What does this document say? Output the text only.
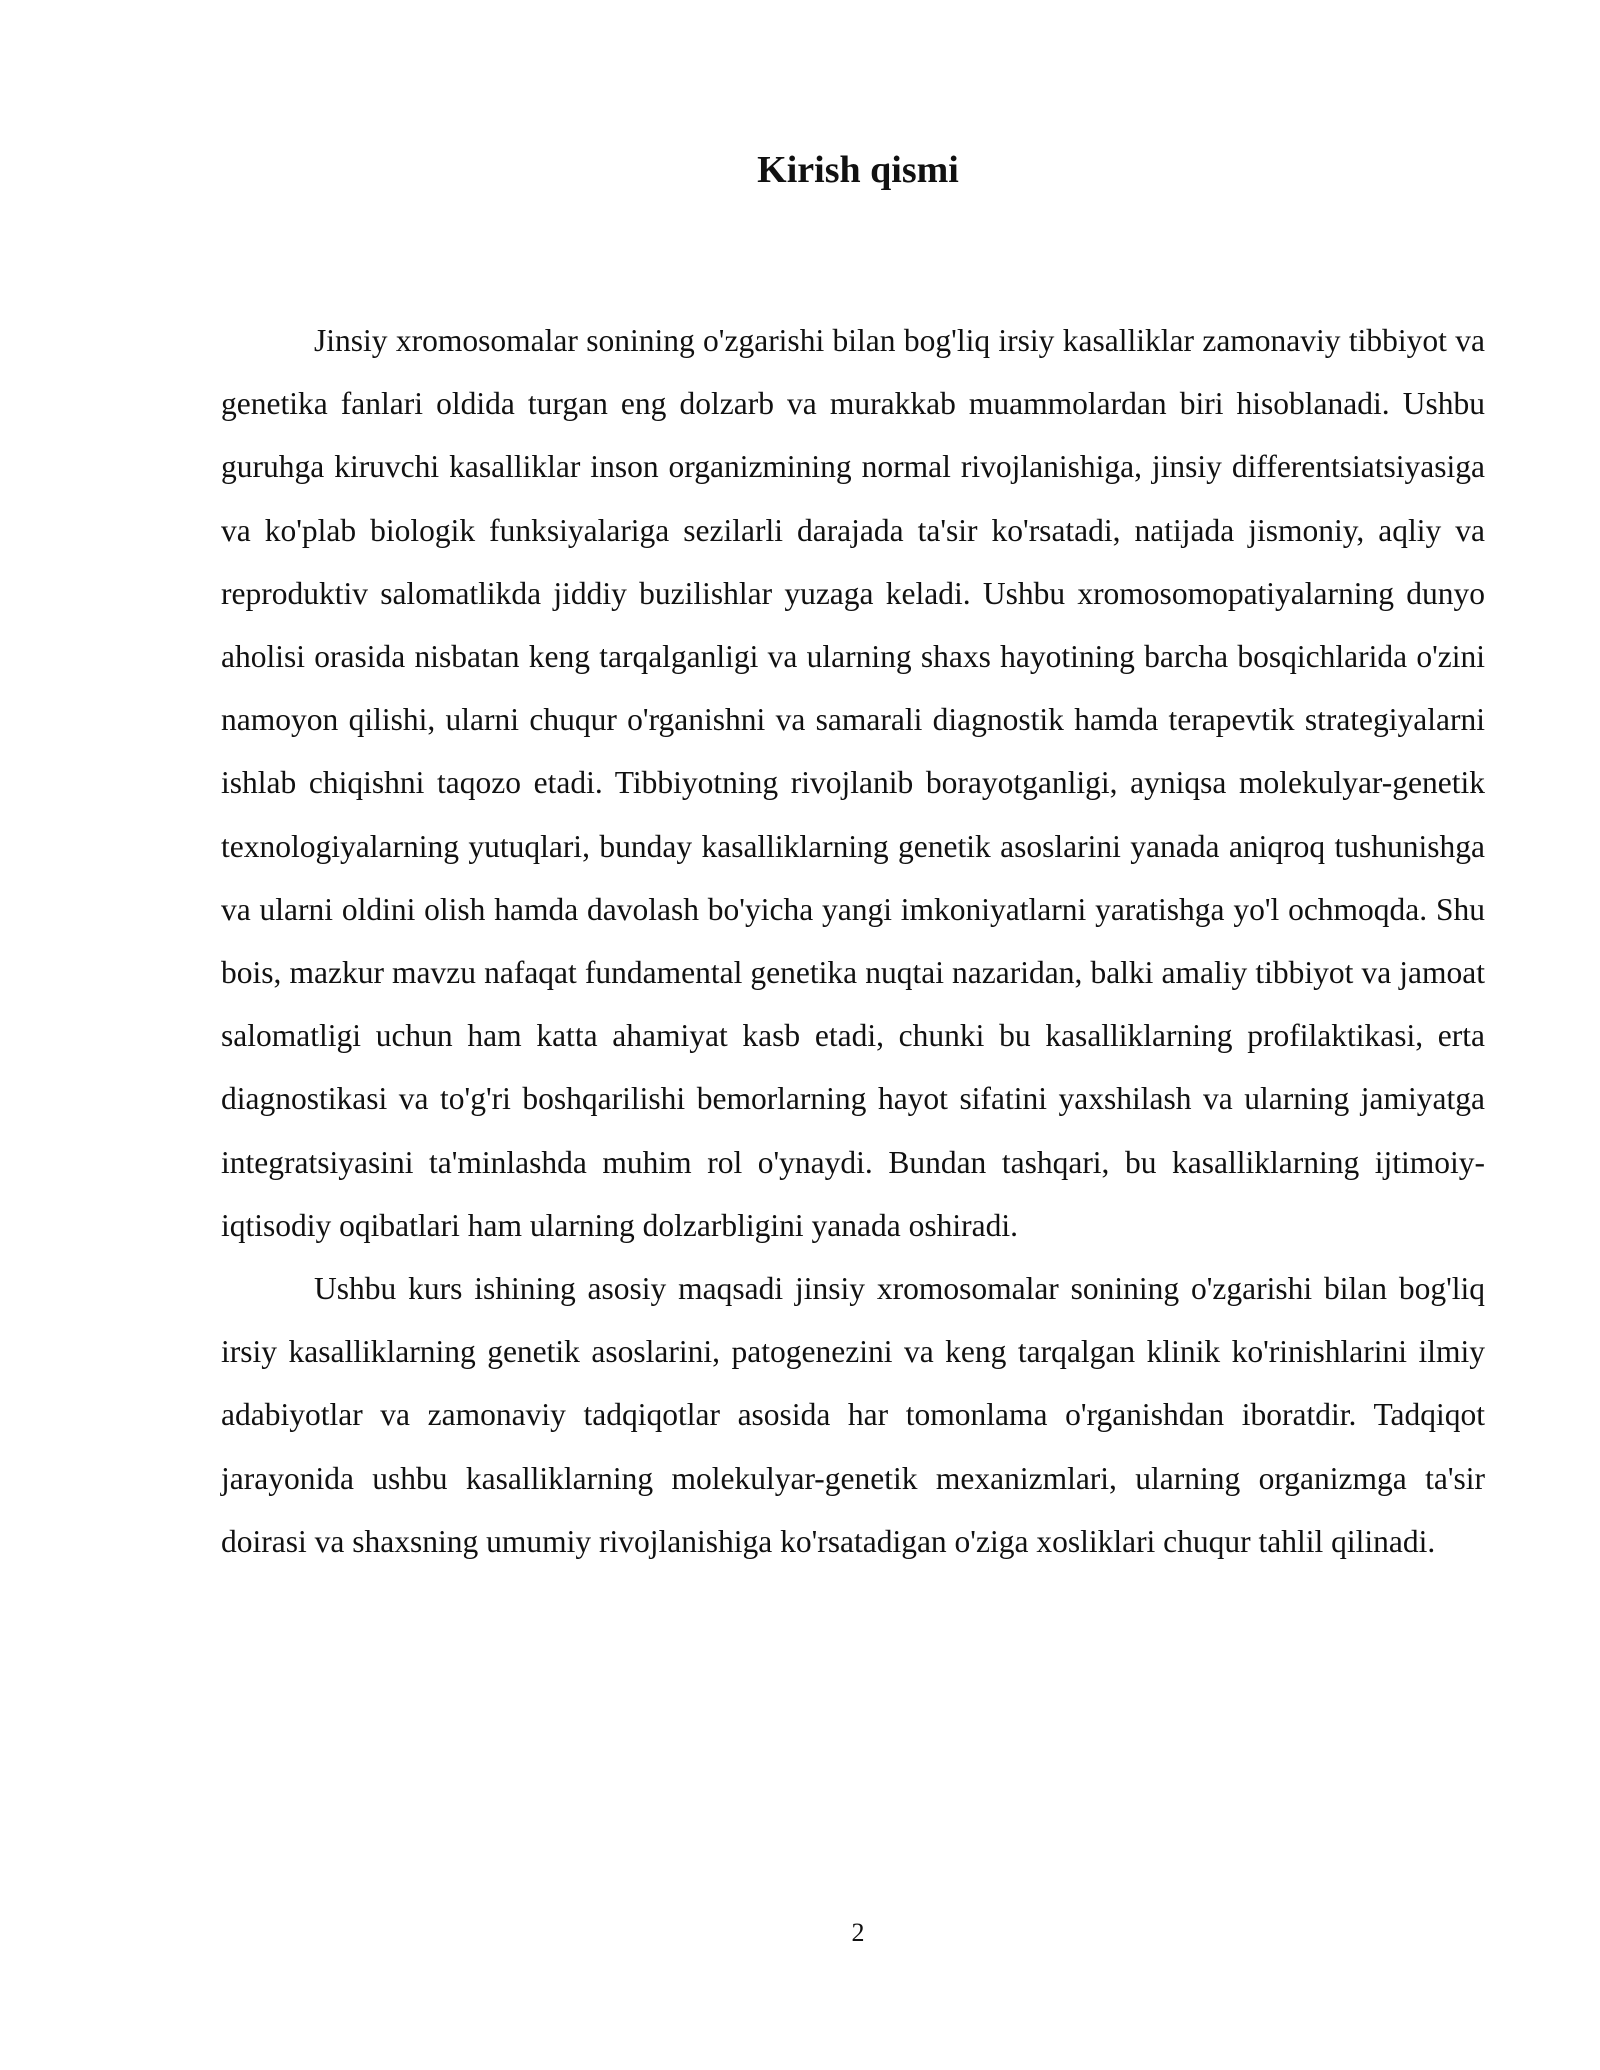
Kirish qismi

Jinsiy xromosomalar sonining o'zgarishi bilan bog'liq irsiy kasalliklar zamonaviy tibbiyot va genetika fanlari oldida turgan eng dolzarb va murakkab muammolardan biri hisoblanadi. Ushbu guruhga kiruvchi kasalliklar inson organizmining normal rivojlanishiga, jinsiy differentsiatsiyasiga va ko'plab biologik funksiyalariga sezilarli darajada ta'sir ko'rsatadi, natijada jismoniy, aqliy va reproduktiv salomatlikda jiddiy buzilishlar yuzaga keladi. Ushbu xromosomopatiyalarning dunyo aholisi orasida nisbatan keng tarqalganligi va ularning shaxs hayotining barcha bosqichlarida o'zini namoyon qilishi, ularni chuqur o'rganishni va samarali diagnostik hamda terapevtik strategiyalarni ishlab chiqishni taqozo etadi. Tibbiyotning rivojlanib borayotganligi, ayniqsa molekulyar-genetik texnologiyalarning yutuqlari, bunday kasalliklarning genetik asoslarini yanada aniqroq tushunishga va ularni oldini olish hamda davolash bo'yicha yangi imkoniyatlarni yaratishga yo'l ochmoqda. Shu bois, mazkur mavzu nafaqat fundamental genetika nuqtai nazaridan, balki amaliy tibbiyot va jamoat salomatligi uchun ham katta ahamiyat kasb etadi, chunki bu kasalliklarning profilaktikasi, erta diagnostikasi va to'g'ri boshqarilishi bemorlarning hayot sifatini yaxshilash va ularning jamiyatga integratsiyasini ta'minlashda muhim rol o'ynaydi. Bundan tashqari, bu kasalliklarning ijtimoiy-iqtisodiy oqibatlari ham ularning dolzarbligini yanada oshiradi.

Ushbu kurs ishining asosiy maqsadi jinsiy xromosomalar sonining o'zgarishi bilan bog'liq irsiy kasalliklarning genetik asoslarini, patogenezini va keng tarqalgan klinik ko'rinishlarini ilmiy adabiyotlar va zamonaviy tadqiqotlar asosida har tomonlama o'rganishdan iboratdir. Tadqiqot jarayonida ushbu kasalliklarning molekulyar-genetik mexanizmlari, ularning organizmga ta'sir doirasi va shaxsning umumiy rivojlanishiga ko'rsatadigan o'ziga xosliklari chuqur tahlil qilinadi.

2
